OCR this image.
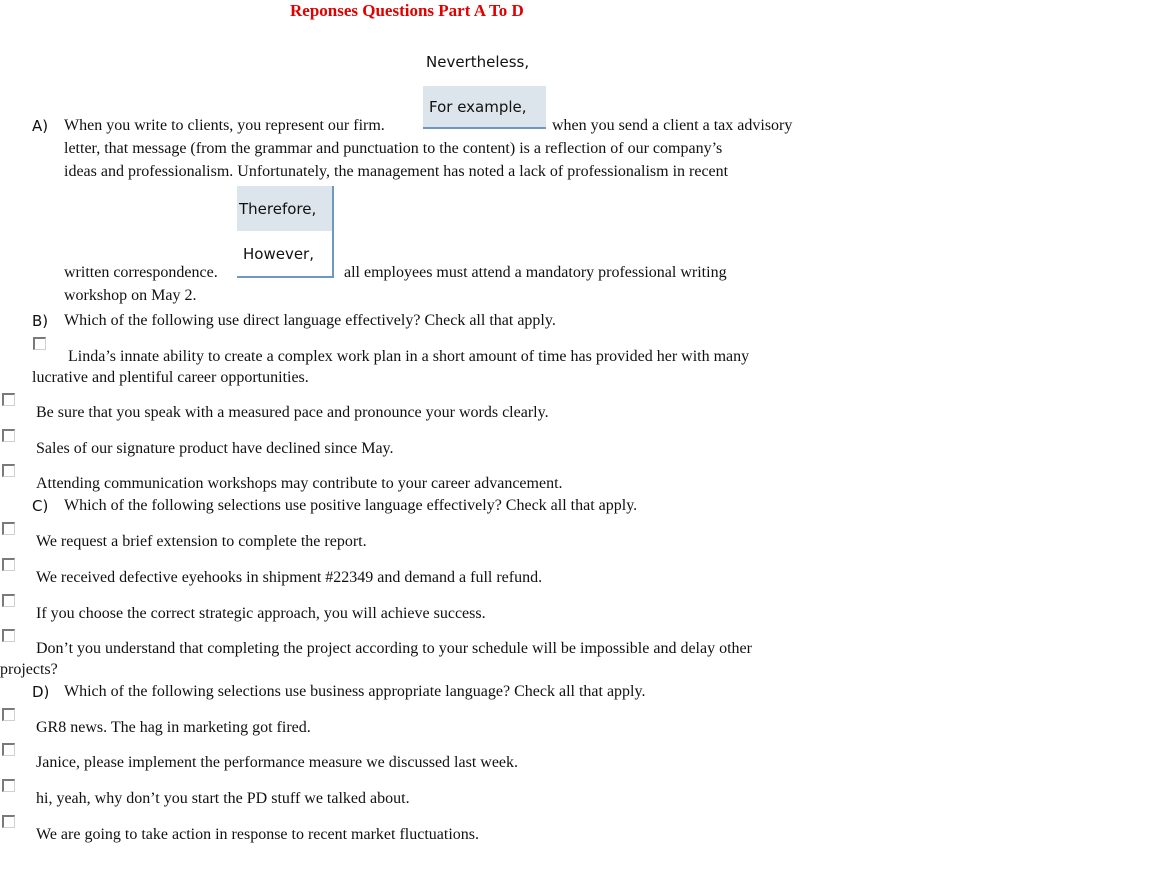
Reponses Questions Part A To D
Nevertheless,
For example,
A) When you write to clients, you represent our firm.	when you send a client a tax advisory
letter, that message (from the grammar and punctuation to the content) is a reflection of our company’s
ideas and professionalism. Unfortunately, the management has noted a lack of professionalism in recent
Therefore,
However,
written correspondence.	all employees must attend a mandatory professional writing
workshop on May 2.
B) Which of the following use direct language effectively? Check all that apply.
Linda’s innate ability to create a complex work plan in a short amount of time has provided her with many
lucrative and plentiful career opportunities.
Be sure that you speak with a measured pace and pronounce your words clearly.
Sales of our signature product have declined since May.
Attending communication workshops may contribute to your career advancement.
C) Which of the following selections use positive language effectively? Check all that apply.
We request a brief extension to complete the report.
We received defective eyehooks in shipment #22349 and demand a full refund.
If you choose the correct strategic approach, you will achieve success.
Don’t you understand that completing the project according to your schedule will be impossible and delay other
projects?
D) Which of the following selections use business appropriate language? Check all that apply.
GR8 news. The hag in marketing got fired.
Janice, please implement the performance measure we discussed last week.
hi, yeah, why don’t you start the PD stuff we talked about.
We are going to take action in response to recent market fluctuations.
